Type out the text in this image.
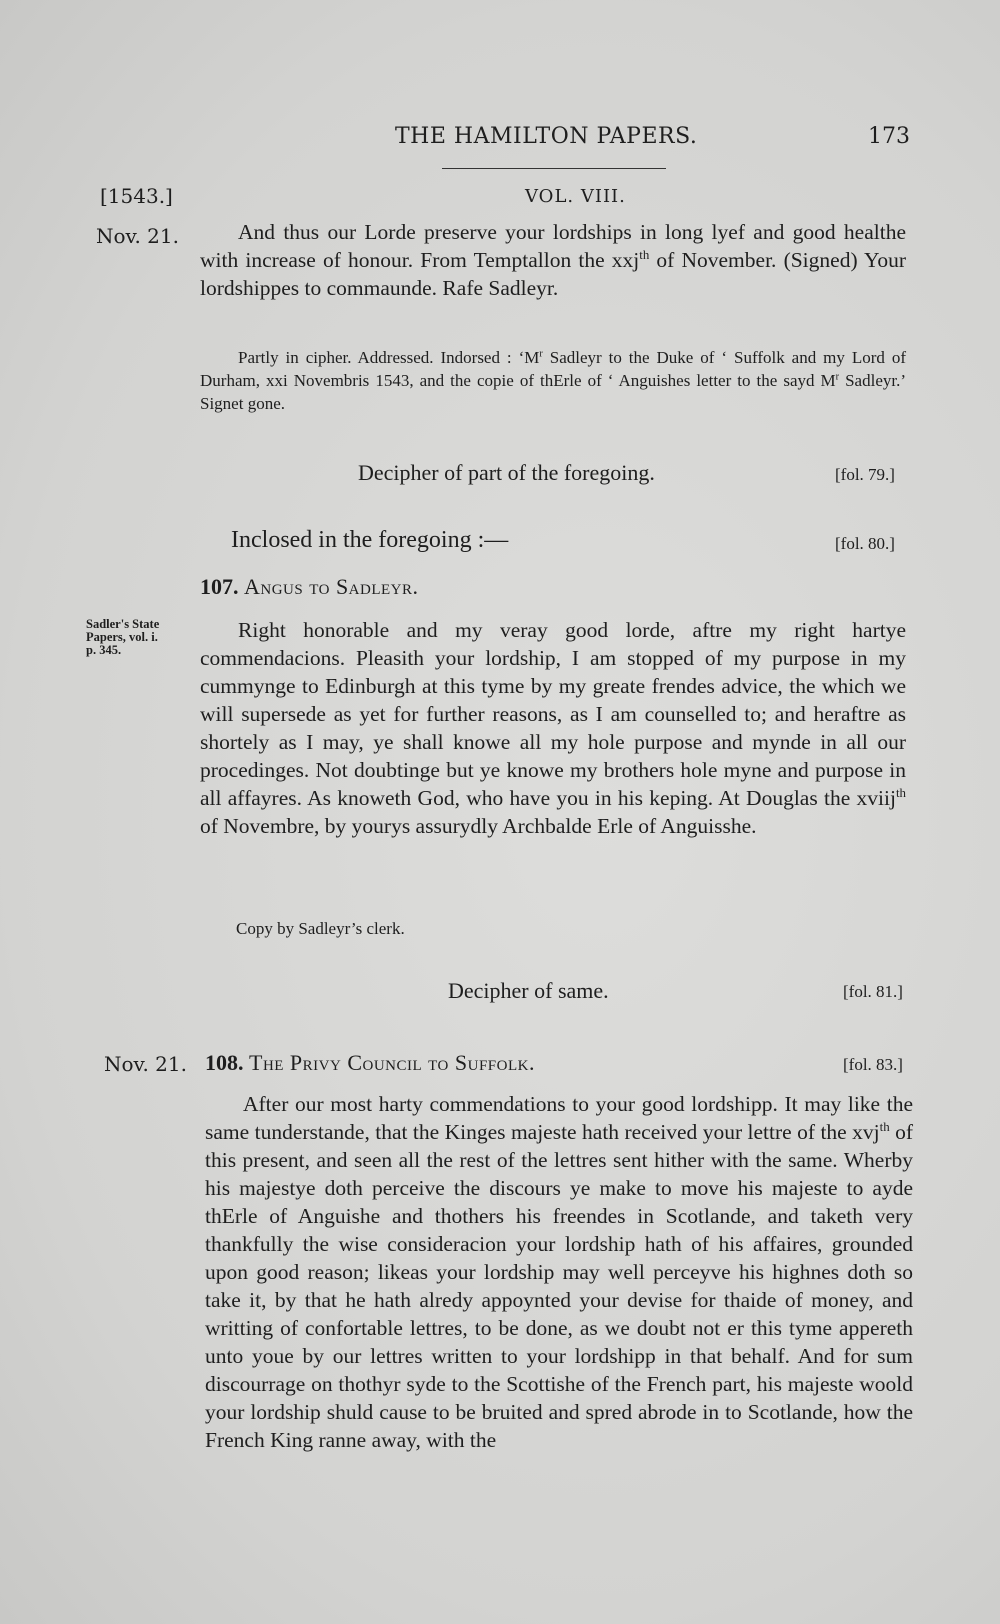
THE HAMILTON PAPERS.	173
[1543.]	VOL. VIII.
Nov. 21.	And thus our Lorde preserve your lordships in long lyef and good healthe with increase of honour. From Temptallon the xxj$^{th}$ of November. (Signed) Your lordshippes to commaunde. Rafe Sadleyr.

Partly in cipher. Addressed. Indorsed : ‘$M^r$ Sadleyr to the Duke of ‘ Suffolk and my Lord of Durham, xxi Novembris 1543, and the copie of thErle of ‘ Anguishes letter to the sayd $M^r$ Sadleyr.’ Signet gone.

Decipher of part of the foregoing.	[fol. 79.]
Inclosed in the foregoing :—	[fol. 80.]
107. Angus to Sadleyr.
Sadler's State
Papers, vol. i.
p. 345.

Right honorable and my veray good lorde, aftre my right hartye commendacions. Pleasith your lordship, I am stopped of my purpose in my cummynge to Edinburgh at this tyme by my greate frendes advice, the which we will supersede as yet for further reasons, as I am counselled to; and heraftre as shortely as I may, ye shall knowe all my hole purpose and mynde in all our procedinges. Not doubtinge but ye knowe my brothers hole myne and purpose in all affayres. As knoweth God, who have you in his keping. At Douglas the xviij$^{th}$ of Novembre, by yourys assurydly Archbalde Erle of Anguisshe.

Copy by Sadleyr’s clerk.
Decipher of same.	[fol. 81.]
Nov. 21. 108. The Privy Council to Suffolk.	[fol. 83.]

After our most harty commendations to your good lordshipp. It may like the same tunderstande, that the Kinges majeste hath received your lettre of the xvj$^{th}$ of this present, and seen all the rest of the lettres sent hither with the same. Wherby his majestye doth perceive the discours ye make to move his majeste to ayde thErle of Anguishe and thothers his freendes in Scotlande, and taketh very thankfully the wise consideracion your lordship hath of his affaires, grounded upon good reason; likeas your lordship may well perceyve his highnes doth so take it, by that he hath alredy appoynted your devise for thaide of money, and writting of confortable lettres, to be done, as we doubt not er this tyme appereth unto youe by our lettres written to your lordshipp in that behalf. And for sum discourrage on thothyr syde to the Scottishe of the French part, his majeste woold your lordship shuld cause to be bruited and spred abrode in to Scotlande, how the French King ranne away, with the
